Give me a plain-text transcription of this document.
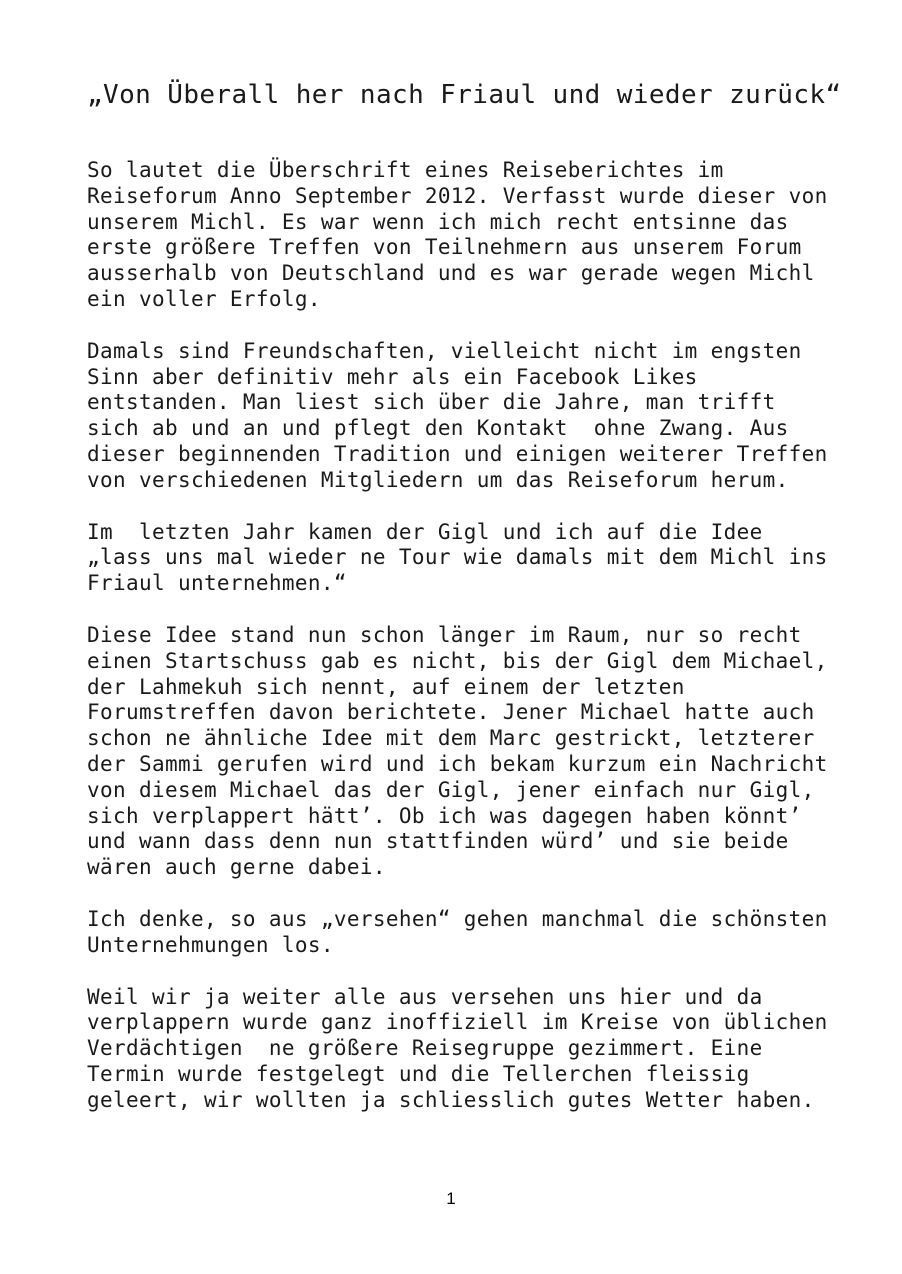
„Von Überall her nach Friaul und wieder zurück“

So lautet die Überschrift eines Reiseberichtes im
Reiseforum Anno September 2012. Verfasst wurde dieser von
unserem Michl. Es war wenn ich mich recht entsinne das
erste größere Treffen von Teilnehmern aus unserem Forum
ausserhalb von Deutschland und es war gerade wegen Michl
ein voller Erfolg.

Damals sind Freundschaften, vielleicht nicht im engsten
Sinn aber definitiv mehr als ein Facebook Likes
entstanden. Man liest sich über die Jahre, man trifft
sich ab und an und pflegt den Kontakt  ohne Zwang. Aus
dieser beginnenden Tradition und einigen weiterer Treffen
von verschiedenen Mitgliedern um das Reiseforum herum.

Im  letzten Jahr kamen der Gigl und ich auf die Idee
„lass uns mal wieder ne Tour wie damals mit dem Michl ins
Friaul unternehmen.“

Diese Idee stand nun schon länger im Raum, nur so recht
einen Startschuss gab es nicht, bis der Gigl dem Michael,
der Lahmekuh sich nennt, auf einem der letzten
Forumstreffen davon berichtete. Jener Michael hatte auch
schon ne ähnliche Idee mit dem Marc gestrickt, letzterer
der Sammi gerufen wird und ich bekam kurzum ein Nachricht
von diesem Michael das der Gigl, jener einfach nur Gigl,
sich verplappert hätt’. Ob ich was dagegen haben könnt’
und wann dass denn nun stattfinden würd’ und sie beide
wären auch gerne dabei.

Ich denke, so aus „versehen“ gehen manchmal die schönsten
Unternehmungen los.

Weil wir ja weiter alle aus versehen uns hier und da
verplappern wurde ganz inoffiziell im Kreise von üblichen
Verdächtigen  ne größere Reisegruppe gezimmert. Eine
Termin wurde festgelegt und die Tellerchen fleissig
geleert, wir wollten ja schliesslich gutes Wetter haben.

1
